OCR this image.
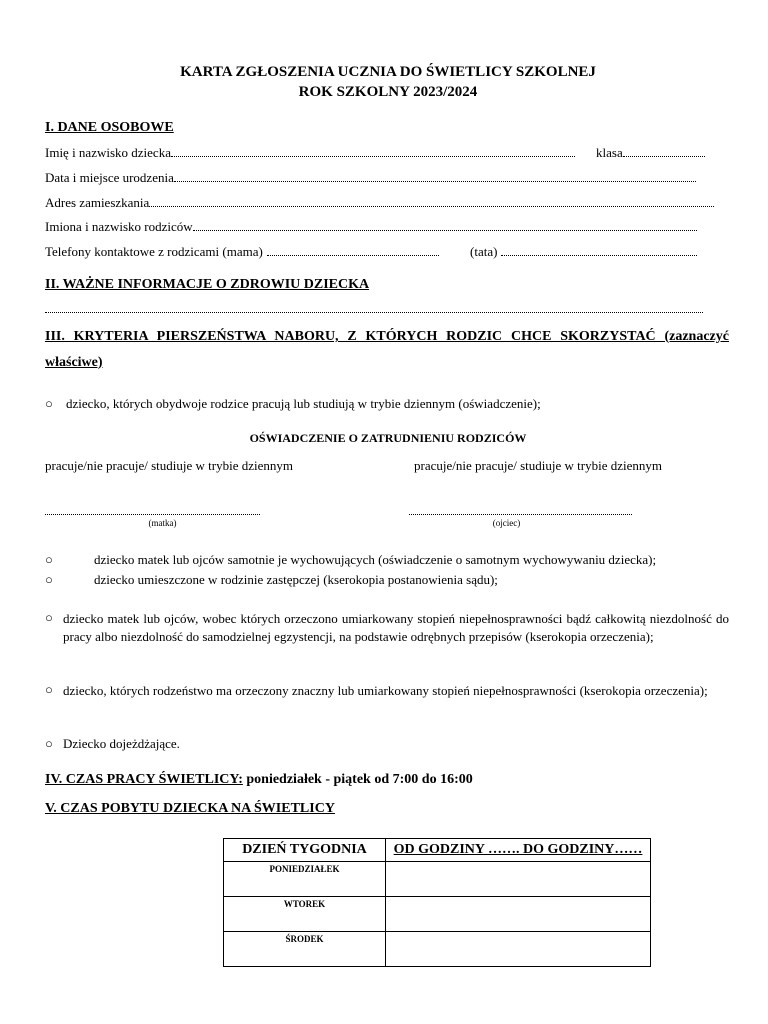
KARTA ZGŁOSZENIA UCZNIA DO ŚWIETLICY SZKOLNEJ
ROK SZKOLNY 2023/2024
I. DANE OSOBOWE
Imię i nazwisko dziecka	klasa
Data i miejsce urodzenia
Adres zamieszkania
Imiona i nazwisko rodziców
Telefony kontaktowe z rodzicami (mama)	(tata)
II. WAŻNE INFORMACJE O ZDROWIU DZIECKA
III. KRYTERIA PIERSZEŃSTWA NABORU, Z KTÓRYCH RODZIC CHCE SKORZYSTAĆ (zaznaczyć właściwe)
○ dziecko, których obydwoje rodzice pracują lub studiują w trybie dziennym (oświadczenie);
OŚWIADCZENIE O ZATRUDNIENIU RODZICÓW
pracuje/nie pracuje/ studiuje w trybie dziennym	pracuje/nie pracuje/ studiuje w trybie dziennym
(matka)	(ojciec)
○	dziecko matek lub ojców samotnie je wychowujących (oświadczenie o samotnym wychowywaniu dziecka);
○	dziecko umieszczone w rodzinie zastępczej (kserokopia postanowienia sądu);
○ dziecko matek lub ojców, wobec których orzeczono umiarkowany stopień niepełnosprawności bądź całkowitą niezdolność do pracy albo niezdolność do samodzielnej egzystencji, na podstawie odrębnych przepisów (kserokopia orzeczenia);
○ dziecko, których rodzeństwo ma orzeczony znaczny lub umiarkowany stopień niepełnosprawności (kserokopia orzeczenia);
○ Dziecko dojeżdżające.
IV. CZAS PRACY ŚWIETLICY: poniedziałek - piątek od 7:00 do 16:00
V. CZAS POBYTU DZIECKA NA ŚWIETLICY
DZIEŃ TYGODNIA	OD GODZINY ……. DO GODZINY……
PONIEDZIAŁEK	
WTOREK	
ŚRODEK	
